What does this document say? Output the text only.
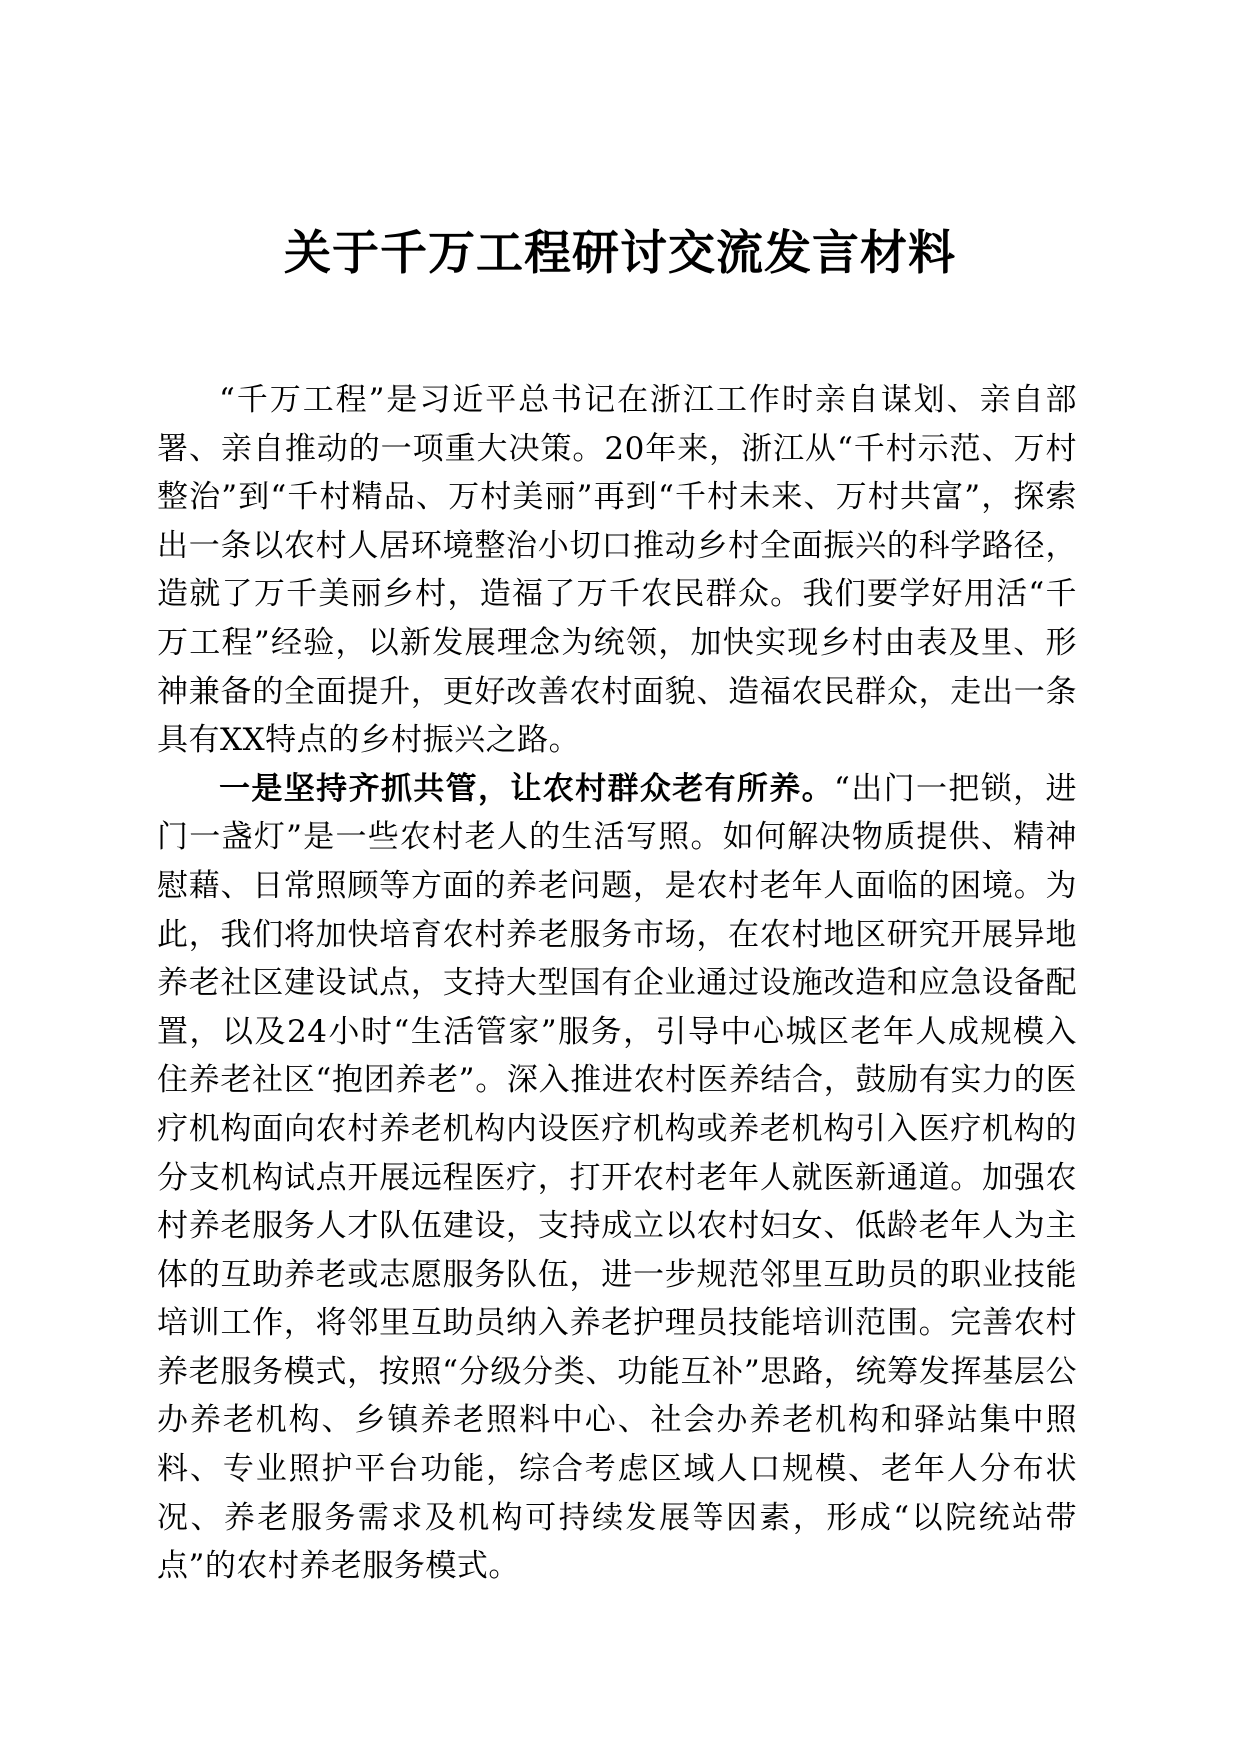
关于千万工程研讨交流发言材料

“千万工程”是习近平总书记在浙江工作时亲自谋划、亲自部署、亲自推动的一项重大决策。20年来，浙江从“千村示范、万村整治”到“千村精品、万村美丽”再到“千村未来、万村共富”，探索出一条以农村人居环境整治小切口推动乡村全面振兴的科学路径，造就了万千美丽乡村，造福了万千农民群众。我们要学好用活“千万工程”经验，以新发展理念为统领，加快实现乡村由表及里、形神兼备的全面提升，更好改善农村面貌、造福农民群众，走出一条具有XX特点的乡村振兴之路。

一是坚持齐抓共管，让农村群众老有所养。“出门一把锁，进门一盏灯”是一些农村老人的生活写照。如何解决物质提供、精神慰藉、日常照顾等方面的养老问题，是农村老年人面临的困境。为此，我们将加快培育农村养老服务市场，在农村地区研究开展异地养老社区建设试点，支持大型国有企业通过设施改造和应急设备配置，以及24小时“生活管家”服务，引导中心城区老年人成规模入住养老社区“抱团养老”。深入推进农村医养结合，鼓励有实力的医疗机构面向农村养老机构内设医疗机构或养老机构引入医疗机构的分支机构试点开展远程医疗，打开农村老年人就医新通道。加强农村养老服务人才队伍建设，支持成立以农村妇女、低龄老年人为主体的互助养老或志愿服务队伍，进一步规范邻里互助员的职业技能培训工作，将邻里互助员纳入养老护理员技能培训范围。完善农村养老服务模式，按照“分级分类、功能互补”思路，统筹发挥基层公办养老机构、乡镇养老照料中心、社会办养老机构和驿站集中照料、专业照护平台功能，综合考虑区域人口规模、老年人分布状况、养老服务需求及机构可持续发展等因素，形成“以院统站带点”的农村养老服务模式。
